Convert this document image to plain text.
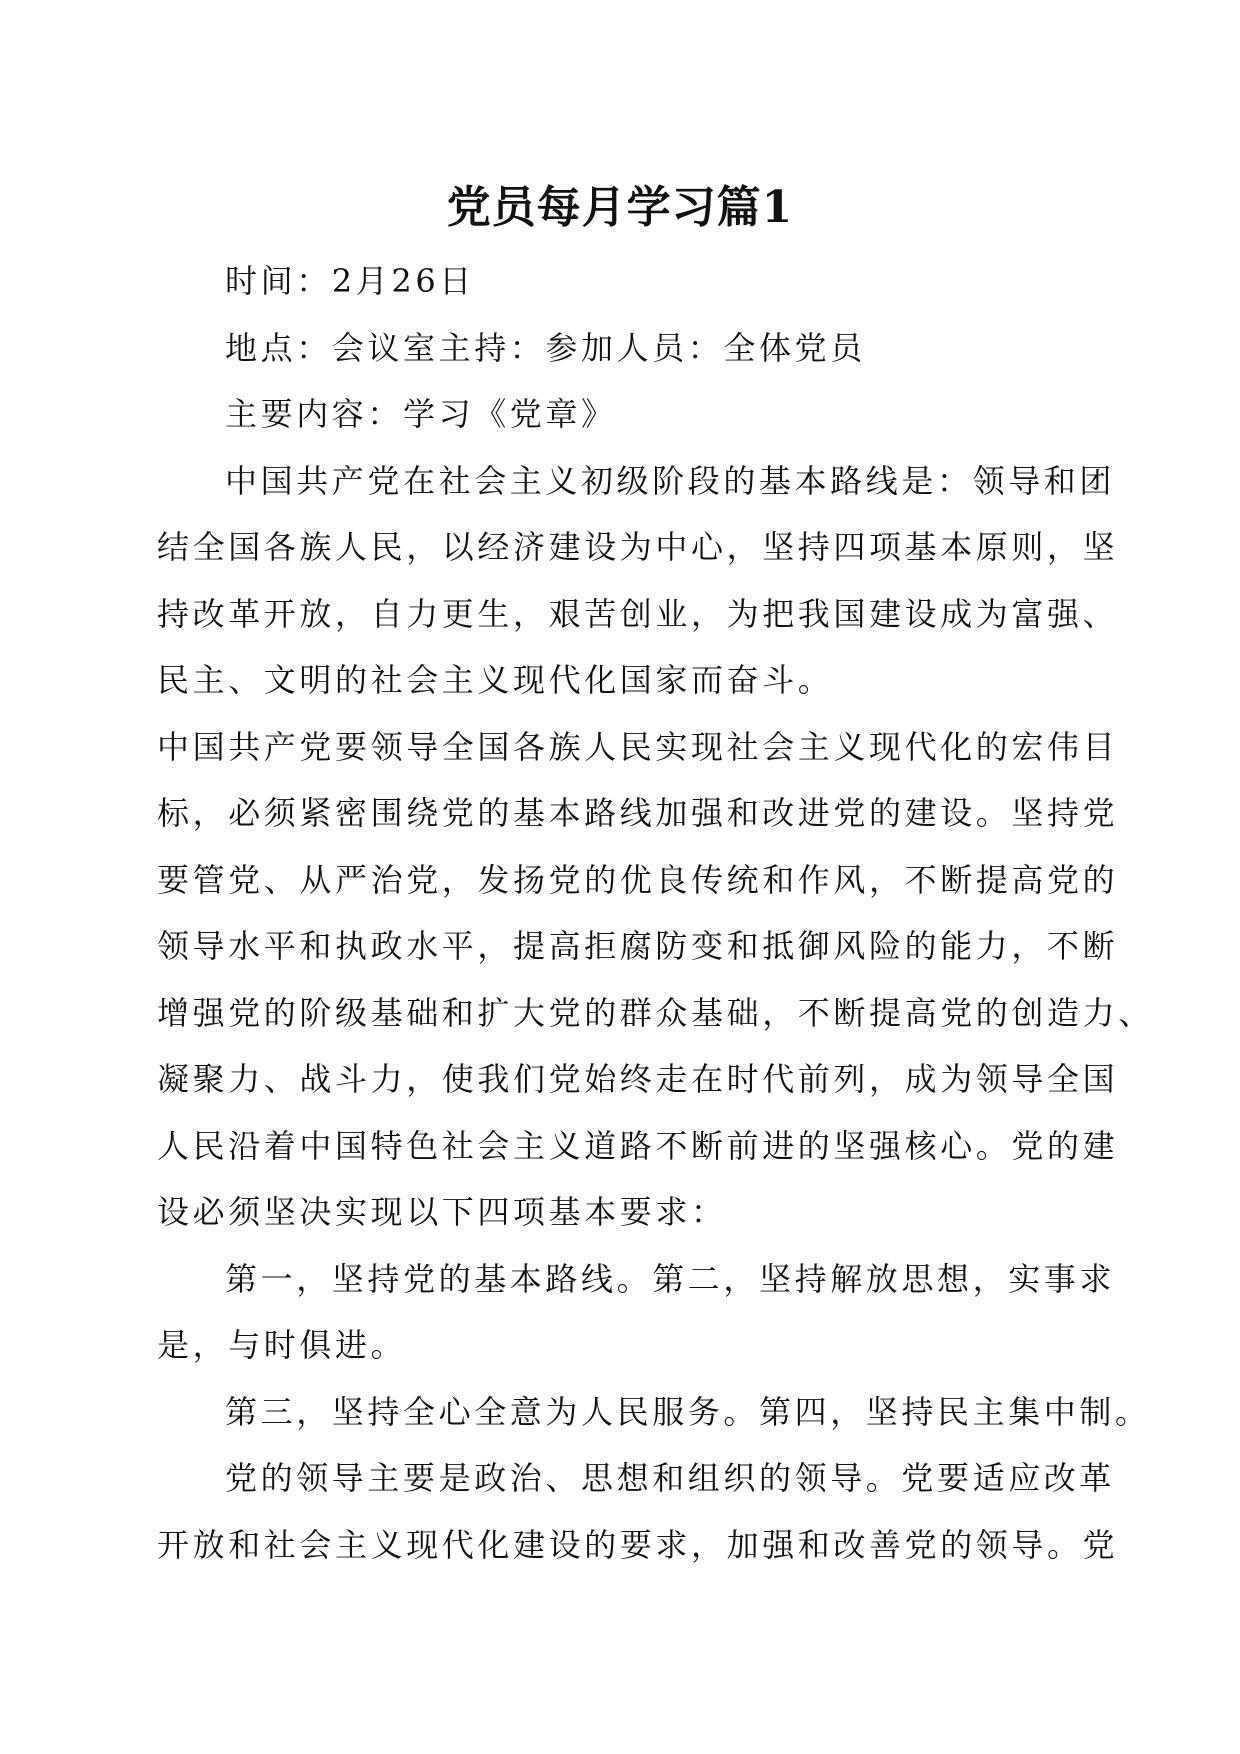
党员每月学习篇1
时间：2月26日
地点：会议室主持：参加人员：全体党员
主要内容：学习《党章》
中国共产党在社会主义初级阶段的基本路线是：领导和团
结全国各族人民，以经济建设为中心，坚持四项基本原则，坚
持改革开放，自力更生，艰苦创业，为把我国建设成为富强、
民主、文明的社会主义现代化国家而奋斗。
中国共产党要领导全国各族人民实现社会主义现代化的宏伟目
标，必须紧密围绕党的基本路线加强和改进党的建设。坚持党
要管党、从严治党，发扬党的优良传统和作风，不断提高党的
领导水平和执政水平，提高拒腐防变和抵御风险的能力，不断
增强党的阶级基础和扩大党的群众基础，不断提高党的创造力、
凝聚力、战斗力，使我们党始终走在时代前列，成为领导全国
人民沿着中国特色社会主义道路不断前进的坚强核心。党的建
设必须坚决实现以下四项基本要求：
第一，坚持党的基本路线。第二，坚持解放思想，实事求
是，与时俱进。
第三，坚持全心全意为人民服务。第四，坚持民主集中制。
党的领导主要是政治、思想和组织的领导。党要适应改革
开放和社会主义现代化建设的要求，加强和改善党的领导。党
